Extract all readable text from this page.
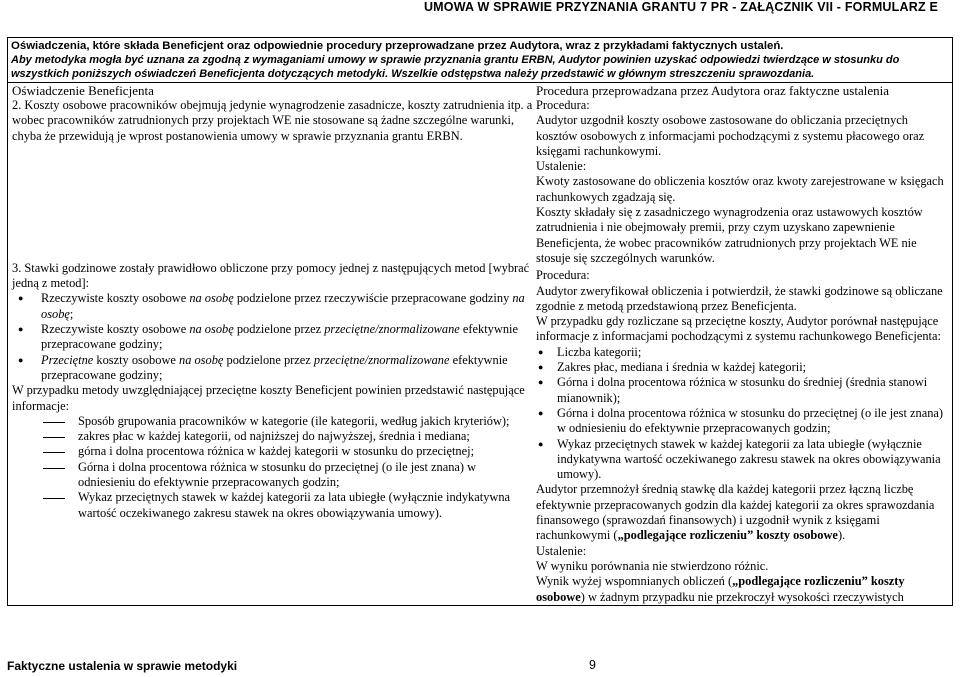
UMOWA W SPRAWIE PRZYZNANIA GRANTU 7 PR - ZAŁĄCZNIK VII - FORMULARZ E
Oświadczenia, które składa Beneficjent oraz odpowiednie procedury przeprowadzane przez Audytora, wraz z przykładami faktycznych ustaleń.
Aby metodyka mogła być uznana za zgodną z wymaganiami umowy w sprawie przyznania grantu ERBN, Audytor powinien uzyskać odpowiedzi twierdzące w stosunku do wszystkich poniższych oświadczeń Beneficjenta dotyczących metodyki. Wszelkie odstępstwa należy przedstawić w głównym streszczeniu sprawozdania.
Oświadczenie Beneficjenta
2. Koszty osobowe pracowników obejmują jedynie wynagrodzenie zasadnicze, koszty zatrudnienia itp. a wobec pracowników zatrudnionych przy projektach WE nie stosowane są żadne szczególne warunki, chyba że przewidują je wprost postanowienia umowy w sprawie przyznania grantu ERBN.
3. Stawki godzinowe zostały prawidłowo obliczone przy pomocy jednej z następujących metod [wybrać jedną z metod]:
● Rzeczywiste koszty osobowe na osobę podzielone przez rzeczywiście przepracowane godziny na osobę;
● Rzeczywiste koszty osobowe na osobę podzielone przez przeciętne/znormalizowane efektywnie przepracowane godziny;
● Przeciętne koszty osobowe na osobę podzielone przez przeciętne/znormalizowane efektywnie przepracowane godziny;
W przypadku metody uwzględniającej przeciętne koszty Beneficjent powinien przedstawić następujące informacje:
Sposób grupowania pracowników w kategorie (ile kategorii, według jakich kryteriów);
zakres płac w każdej kategorii, od najniższej do najwyższej, średnia i mediana;
górna i dolna procentowa różnica w każdej kategorii w stosunku do przeciętnej;
Górna i dolna procentowa różnica w stosunku do przeciętnej (o ile jest znana) w odniesieniu do efektywnie przepracowanych godzin;
Wykaz przeciętnych stawek w każdej kategorii za lata ubiegłe (wyłącznie indykatywna wartość oczekiwanego zakresu stawek na okres obowiązywania umowy).
Procedura przeprowadzana przez Audytora oraz faktyczne ustalenia
Procedura:
Audytor uzgodnił koszty osobowe zastosowane do obliczania przeciętnych kosztów osobowych z informacjami pochodzącymi z systemu płacowego oraz księgami rachunkowymi.
Ustalenie:
Kwoty zastosowane do obliczenia kosztów oraz kwoty zarejestrowane w księgach rachunkowych zgadzają się.
Koszty składały się z zasadniczego wynagrodzenia oraz ustawowych kosztów zatrudnienia i nie obejmowały premii, przy czym uzyskano zapewnienie Beneficjenta, że wobec pracowników zatrudnionych przy projektach WE nie stosuje się szczególnych warunków.
Procedura:
Audytor zweryfikował obliczenia i potwierdził, że stawki godzinowe są obliczane zgodnie z metodą przedstawioną przez Beneficjenta.
W przypadku gdy rozliczane są przeciętne koszty, Audytor porównał następujące informacje z informacjami pochodzącymi z systemu rachunkowego Beneficjenta:
● Liczba kategorii;
● Zakres płac, mediana i średnia w każdej kategorii;
● Górna i dolna procentowa różnica w stosunku do średniej (średnia stanowi mianownik);
● Górna i dolna procentowa różnica w stosunku do przeciętnej (o ile jest znana) w odniesieniu do efektywnie przepracowanych godzin;
● Wykaz przeciętnych stawek w każdej kategorii za lata ubiegłe (wyłącznie indykatywna wartość oczekiwanego zakresu stawek na okres obowiązywania umowy).
Audytor przemnożył średnią stawkę dla każdej kategorii przez łączną liczbę efektywnie przepracowanych godzin dla każdej kategorii za okres sprawozdania finansowego (sprawozdań finansowych) i uzgodnił wynik z księgami rachunkowymi („podlegające rozliczeniu” koszty osobowe).
Ustalenie:
W wyniku porównania nie stwierdzono różnic.
Wynik wyżej wspomnianych obliczeń („podlegające rozliczeniu” koszty osobowe) w żadnym przypadku nie przekroczył wysokości rzeczywistych
Faktyczne ustalenia w sprawie metodyki	9
